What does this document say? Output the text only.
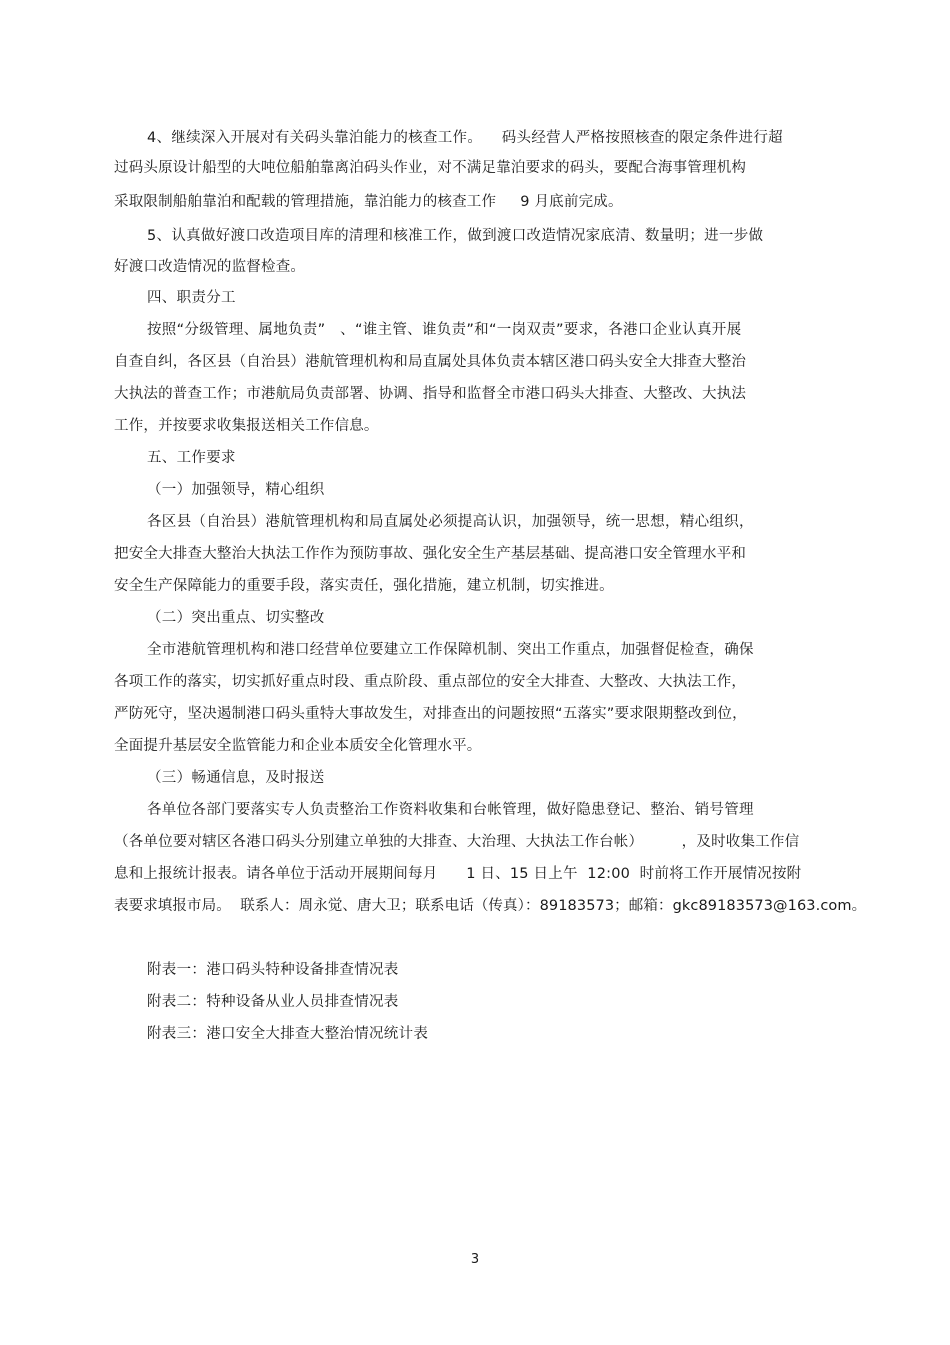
4、继续深入开展对有关码头靠泊能力的核查工作。    码头经营人严格按照核查的限定条件进行超
过码头原设计船型的大吨位船舶靠离泊码头作业，对不满足靠泊要求的码头，要配合海事管理机构
采取限制船舶靠泊和配载的管理措施，靠泊能力的核查工作     9 月底前完成。
5、认真做好渡口改造项目库的清理和核准工作，做到渡口改造情况家底清、数量明；进一步做
好渡口改造情况的监督检查。
四、职责分工
按照“分级管理、属地负责”   、“谁主管、谁负责”和“一岗双责”要求，各港口企业认真开展
自查自纠，各区县（自治县）港航管理机构和局直属处具体负责本辖区港口码头安全大排查大整治
大执法的普查工作；市港航局负责部署、协调、指导和监督全市港口码头大排查、大整改、大执法
工作，并按要求收集报送相关工作信息。
五、工作要求
（一）加强领导，精心组织
各区县（自治县）港航管理机构和局直属处必须提高认识，加强领导，统一思想，精心组织，
把安全大排查大整治大执法工作作为预防事故、强化安全生产基层基础、提高港口安全管理水平和
安全生产保障能力的重要手段，落实责任，强化措施，建立机制，切实推进。
（二）突出重点、切实整改
全市港航管理机构和港口经营单位要建立工作保障机制、突出工作重点，加强督促检查，确保
各项工作的落实，切实抓好重点时段、重点阶段、重点部位的安全大排查、大整改、大执法工作，
严防死守，坚决遏制港口码头重特大事故发生，对排查出的问题按照“五落实”要求限期整改到位，
全面提升基层安全监管能力和企业本质安全化管理水平。
（三）畅通信息，及时报送
各单位各部门要落实专人负责整治工作资料收集和台帐管理，做好隐患登记、整治、销号管理
（各单位要对辖区各港口码头分别建立单独的大排查、大治理、大执法工作台帐）        ，及时收集工作信
息和上报统计报表。请各单位于活动开展期间每月      1 日、15 日上午  12:00  时前将工作开展情况按附
表要求填报市局。  联系人：周永觉、唐大卫；联系电话（传真）：89183573；邮箱：gkc89183573@163.com。
附表一：港口码头特种设备排查情况表
附表二：特种设备从业人员排查情况表
附表三：港口安全大排查大整治情况统计表
3
